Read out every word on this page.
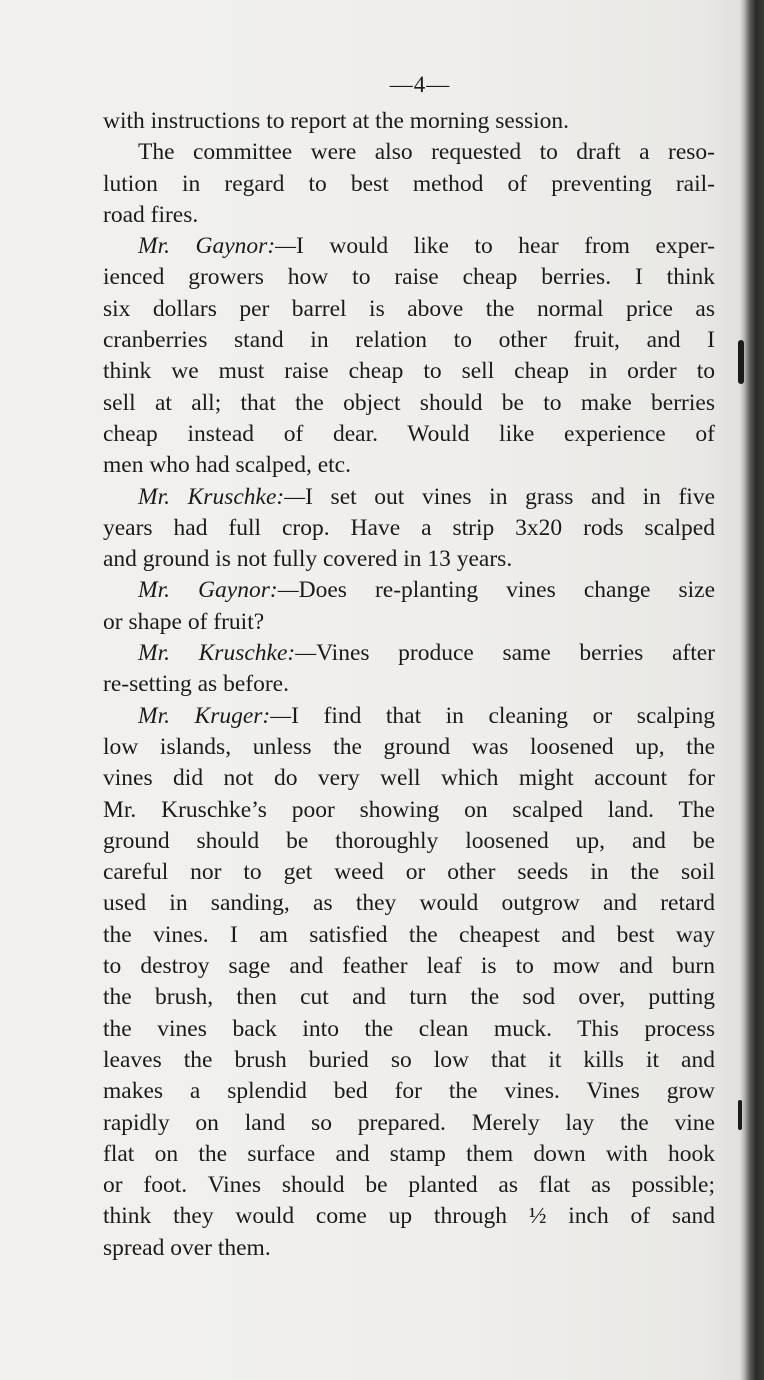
—4—
with instructions to report at the morning session.
The committee were also requested to draft a reso-
lution in regard to best method of preventing rail-
road fires.
Mr. Gaynor:—I would like to hear from exper-
ienced growers how to raise cheap berries. I think
six dollars per barrel is above the normal price as
cranberries stand in relation to other fruit, and I
think we must raise cheap to sell cheap in order to
sell at all; that the object should be to make berries
cheap instead of dear. Would like experience of
men who had scalped, etc.
Mr. Kruschke:—I set out vines in grass and in five
years had full crop. Have a strip 3x20 rods scalped
and ground is not fully covered in 13 years.
Mr. Gaynor:—Does re-planting vines change size
or shape of fruit?
Mr. Kruschke:—Vines produce same berries after
re-setting as before.
Mr. Kruger:—I find that in cleaning or scalping
low islands, unless the ground was loosened up, the
vines did not do very well which might account for
Mr. Kruschke’s poor showing on scalped land. The
ground should be thoroughly loosened up, and be
careful nor to get weed or other seeds in the soil
used in sanding, as they would outgrow and retard
the vines. I am satisfied the cheapest and best way
to destroy sage and feather leaf is to mow and burn
the brush, then cut and turn the sod over, putting
the vines back into the clean muck. This process
leaves the brush buried so low that it kills it and
makes a splendid bed for the vines. Vines grow
rapidly on land so prepared. Merely lay the vine
flat on the surface and stamp them down with hook
or foot. Vines should be planted as flat as possible;
think they would come up through ½ inch of sand
spread over them.
